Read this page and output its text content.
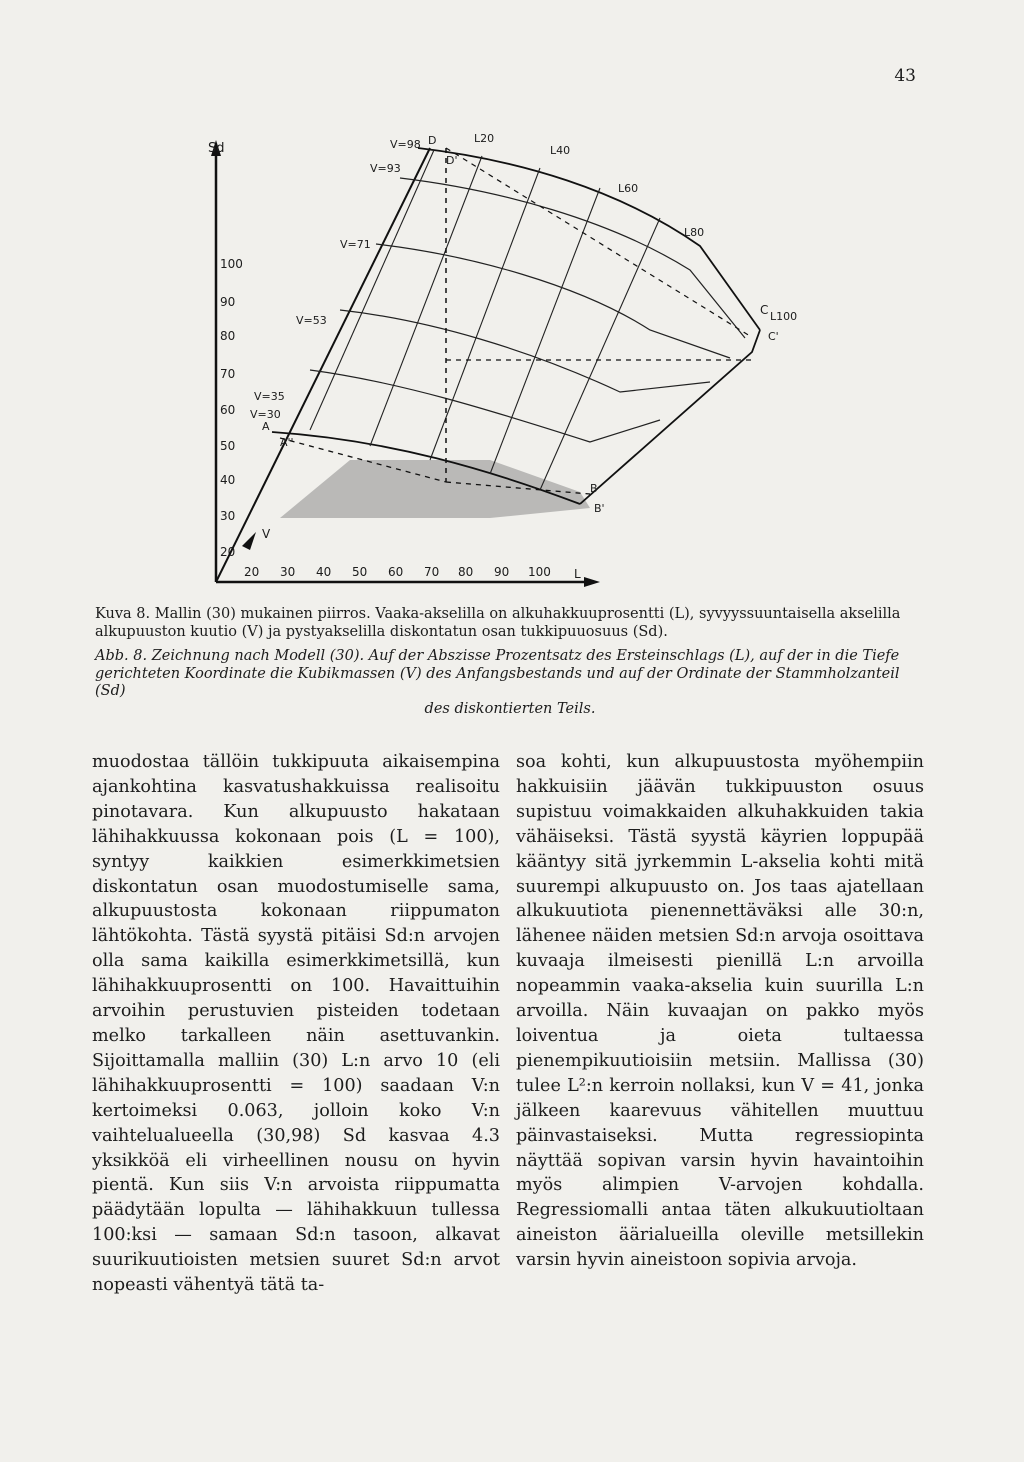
43
Sd
100
90
80
70
60
50
40
30
20
L
20 30 40 50 60 70 80 90 100
V
V=98
V=93
V=71
V=53
V=35
V=30
L20
L40
L60
L80
L100
A
A''
B
B'
C
C'
D
D'
Kuva 8. Mallin (30) mukainen piirros. Vaaka-akselilla on alkuhakkuuprosentti (L), syvyyssuuntaisella akselilla alkupuuston kuutio (V) ja pystyakselilla diskontatun osan tukkipuuosuus (Sd).
Abb. 8. Zeichnung nach Modell (30). Auf der Abszisse Prozentsatz des Ersteinschlags (L), auf der in die Tiefe gerichteten Koordinate die Kubikmassen (V) des Anfangsbestands und auf der Ordinate der Stammholzanteil (Sd)
des diskontierten Teils.

muodostaa tällöin tukkipuuta aikaisempina ajankohtina kasvatushakkuissa realisoitu pinotavara. Kun alkupuusto hakataan lähihakkuussa kokonaan pois (L = 100), syntyy kaikkien esimerkkimetsien diskontatun osan muodostumiselle sama, alkupuustosta kokonaan riippumaton lähtökohta. Tästä syystä pitäisi Sd:n arvojen olla sama kaikilla esimerkkimetsillä, kun lähihakkuuprosentti on 100. Havaittuihin arvoihin perustuvien pisteiden todetaan melko tarkalleen näin asettuvankin. Sijoittamalla malliin (30) L:n arvo 10 (eli lähihakkuuprosentti = 100) saadaan V:n kertoimeksi 0.063, jolloin koko V:n vaihtelualueella (30,98) Sd kasvaa 4.3 yksikköä eli virheellinen nousu on hyvin pientä. Kun siis V:n arvoista riippumatta päädytään lopulta — lähihakkuun tullessa 100:ksi — samaan Sd:n tasoon, alkavat suurikuutioisten metsien suuret Sd:n arvot nopeasti vähentyä tätä ta-

soa kohti, kun alkupuustosta myöhempiin hakkuisiin jäävän tukkipuuston osuus supistuu voimakkaiden alkuhakkuiden takia vähäiseksi. Tästä syystä käyrien loppupää kääntyy sitä jyrkemmin L-akselia kohti mitä suurempi alkupuusto on. Jos taas ajatellaan alkukuutiota pienennettäväksi alle 30:n, lähenee näiden metsien Sd:n arvoja osoittava kuvaaja ilmeisesti pienillä L:n arvoilla nopeammin vaaka-akselia kuin suurilla L:n arvoilla. Näin kuvaajan on pakko myös loiventua ja oieta tultaessa pienempikuutioisiin metsiin. Mallissa (30) tulee L²:n kerroin nollaksi, kun V = 41, jonka jälkeen kaarevuus vähitellen muuttuu päinvastaiseksi. Mutta regressiopinta näyttää sopivan varsin hyvin havaintoihin myös alimpien V-arvojen kohdalla. Regressiomalli antaa täten alkukuutioltaan aineiston äärialueilla oleville metsillekin varsin hyvin aineistoon sopivia arvoja.
